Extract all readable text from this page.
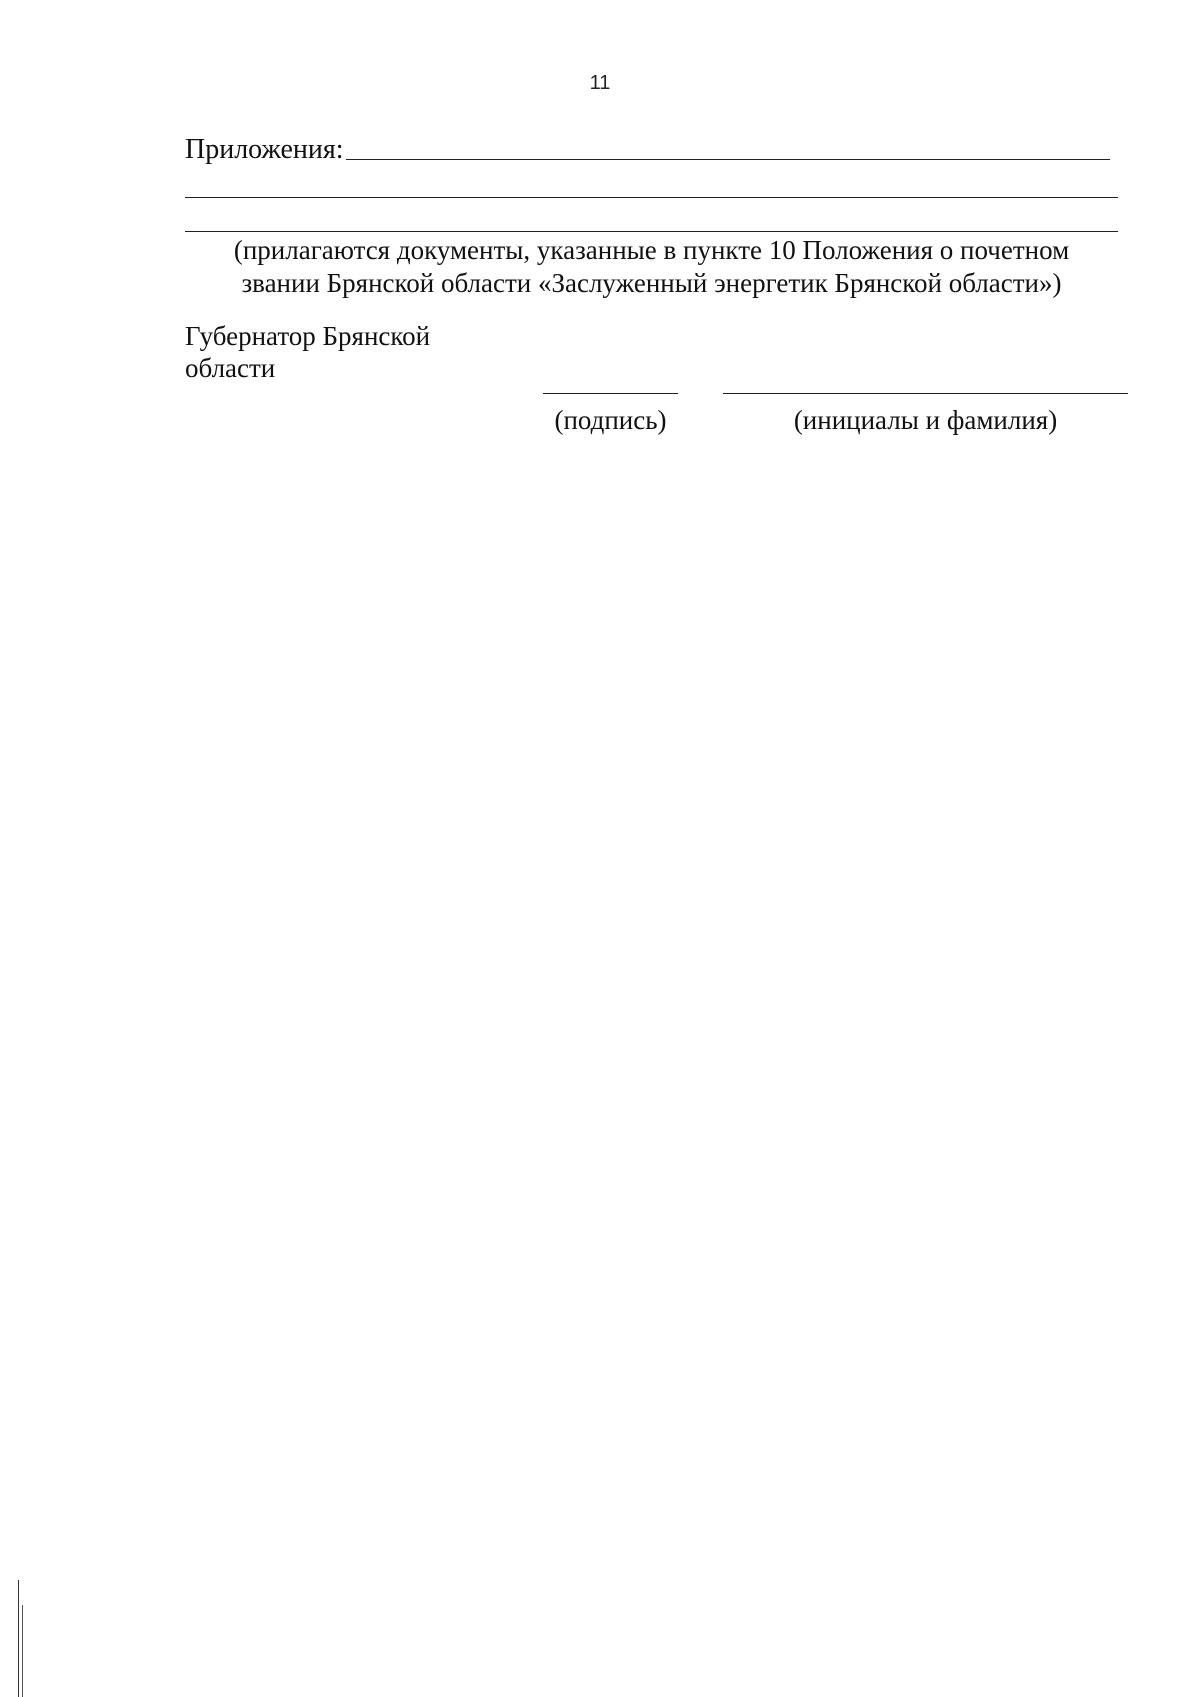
11
Приложения:
(прилагаются документы, указанные в пункте 10 Положения о почетном
звании Брянской области «Заслуженный энергетик Брянской области»)
Губернатор Брянской
области
(подпись)	(инициалы и фамилия)
